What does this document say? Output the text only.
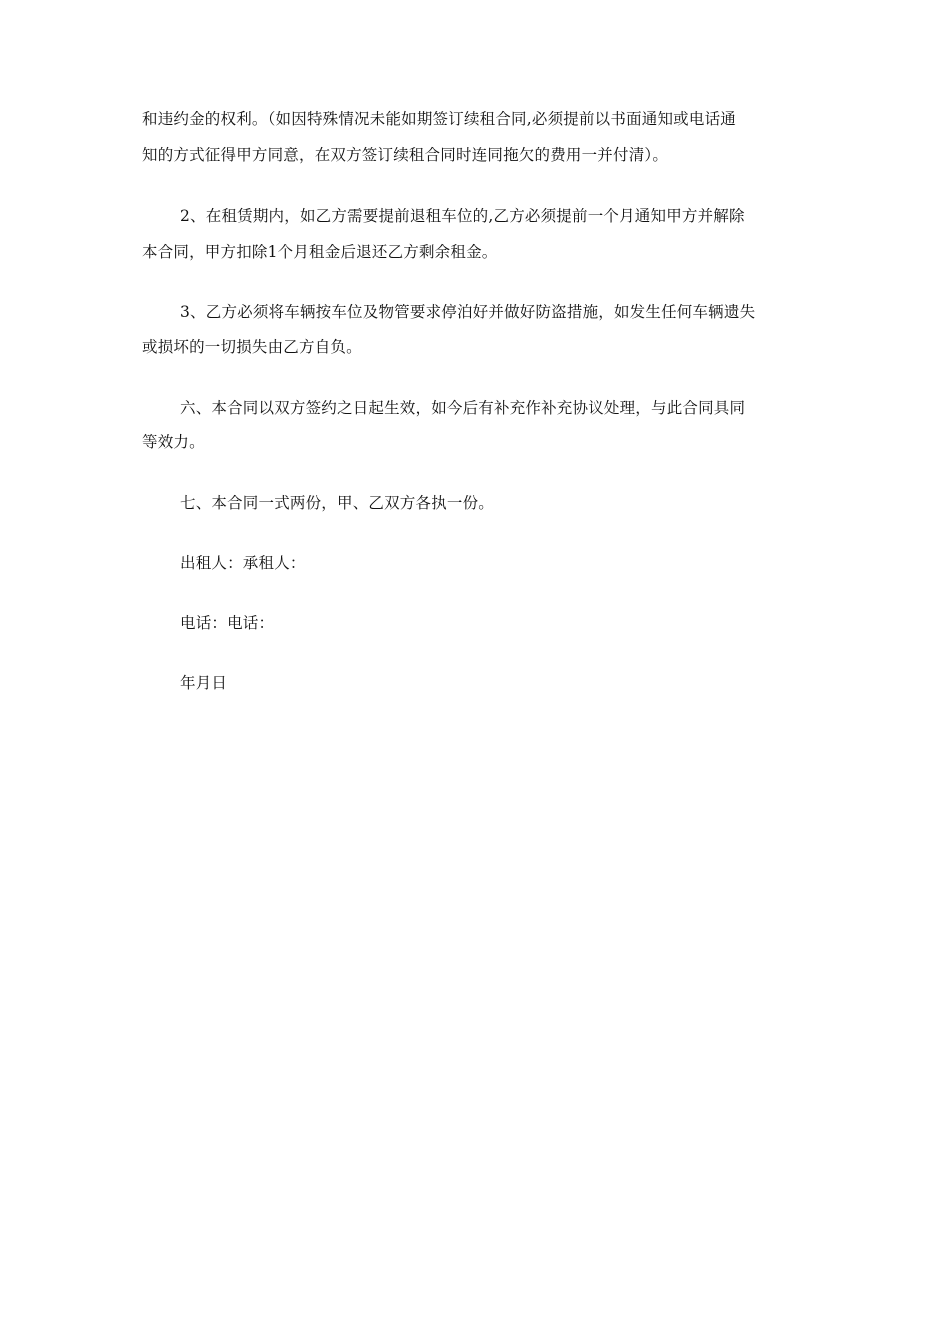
和违约金的权利。（如因特殊情况未能如期签订续租合同,必须提前以书面通知或电话通
知的方式征得甲方同意，在双方签订续租合同时连同拖欠的费用一并付清）。
2、在租赁期内，如乙方需要提前退租车位的,乙方必须提前一个月通知甲方并解除
本合同，甲方扣除1个月租金后退还乙方剩余租金。
3、乙方必须将车辆按车位及物管要求停泊好并做好防盗措施，如发生任何车辆遗失
或损坏的一切损失由乙方自负。
六、本合同以双方签约之日起生效，如今后有补充作补充协议处理，与此合同具同
等效力。
七、本合同一式两份，甲、乙双方各执一份。
出租人：承租人：
电话：电话：
年月日
